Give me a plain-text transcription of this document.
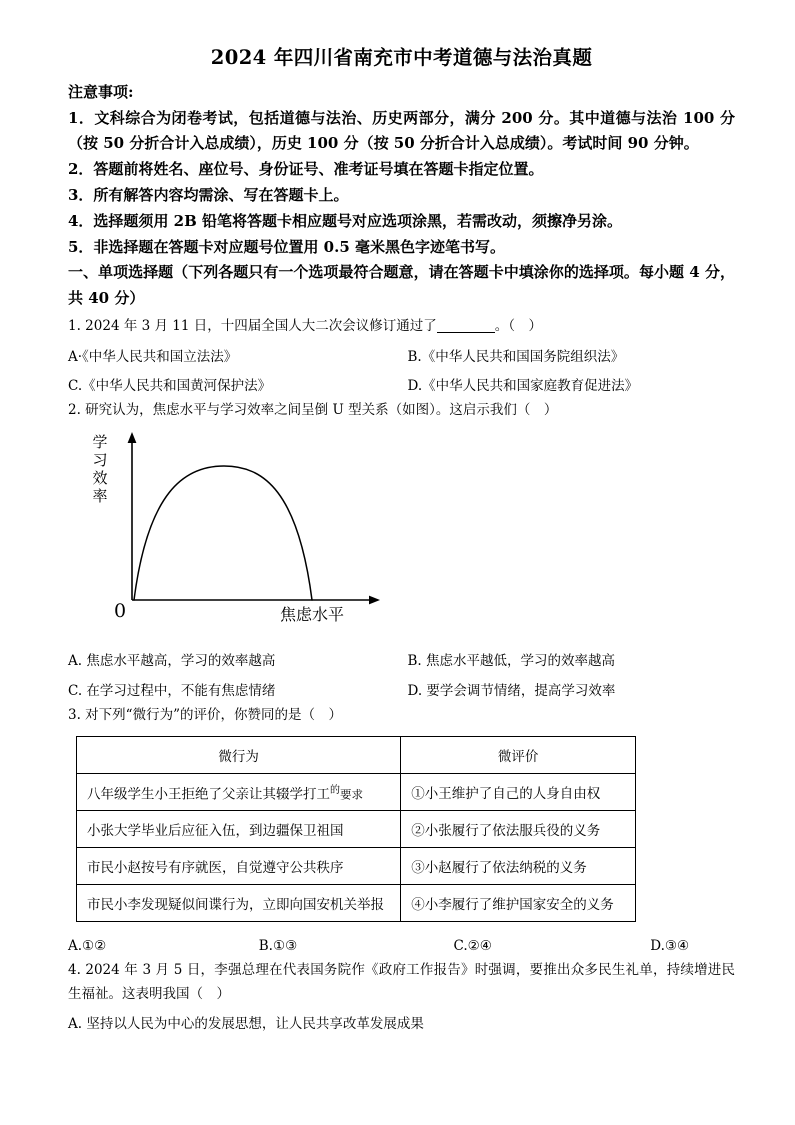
2024 年四川省南充市中考道德与法治真题

注意事项:

1．文科综合为闭卷考试，包括道德与法治、历史两部分，满分 200 分。其中道德与法治 100 分（按 50 分折合计入总成绩），历史 100 分（按 50 分折合计入总成绩）。考试时间 90 分钟。

2．答题前将姓名、座位号、身份证号、准考证号填在答题卡指定位置。

3．所有解答内容均需涂、写在答题卡上。

4．选择题须用 2B 铅笔将答题卡相应题号对应选项涂黑，若需改动，须擦净另涂。

5．非选择题在答题卡对应题号位置用 0.5 毫米黑色字迹笔书写。

一、单项选择题（下列各题只有一个选项最符合题意，请在答题卡中填涂你的选择项。每小题 4 分，共 40 分）

1. 2024 年 3 月 11 日，十四届全国人大二次会议修订通过了	。（　）

A·《中华人民共和国立法法》	B.《中华人民共和国国务院组织法》
C.《中华人民共和国黄河保护法》	D.《中华人民共和国家庭教育促进法》

2. 研究认为，焦虑水平与学习效率之间呈倒 U 型关系（如图）。这启示我们（　）

学
习
效
率
0	焦虑水平
A. 焦虑水平越高，学习的效率越高	B. 焦虑水平越低，学习的效率越高
C. 在学习过程中，不能有焦虑情绪	D. 要学会调节情绪，提高学习效率

3. 对下列“微行为”的评价，你赞同的是（　）

微行为	微评价
八年级学生小王拒绝了父亲让其辍学打工$^的$要求	①小王维护了自己的人身自由权
小张大学毕业后应征入伍，到边疆保卫祖国	②小张履行了依法服兵役的义务
市民小赵按号有序就医，自觉遵守公共秩序	③小赵履行了依法纳税的义务
市民小李发现疑似间谍行为，立即向国安机关举报	④小李履行了维护国家安全的义务
A.①②	B.①③	C.②④	D.③④

4. 2024 年 3 月 5 日，李强总理在代表国务院作《政府工作报告》时强调，要推出众多民生礼单，持续增进民生福祉。这表明我国（　）

A. 坚持以人民为中心的发展思想，让人民共享改革发展成果
